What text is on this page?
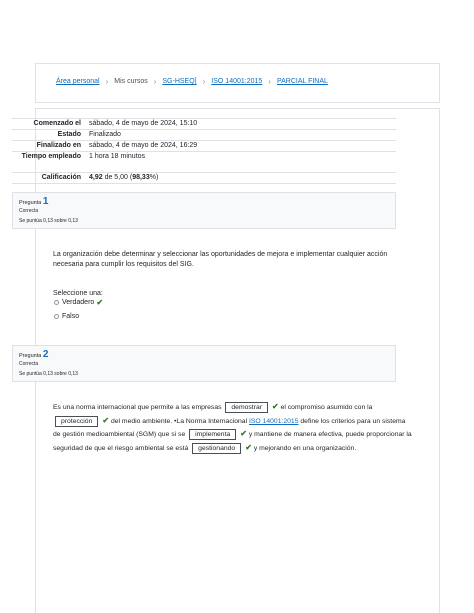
Área personal › Mis cursos › SG-HSEQ] › ISO 14001:2015 › PARCIAL FINAL
Comenzado el	sábado, 4 de mayo de 2024, 15:10
Estado	Finalizado
Finalizado en	sábado, 4 de mayo de 2024, 16:29
Tiempo empleado	1 hora 18 minutos
Calificación	4,92 de 5,00 (98,33%)
Pregunta 1
Correcta
Se puntúa 0,13 sobre 0,13
La organización debe determinar y seleccionar las oportunidades de mejora e implementar cualquier acción necesaria para cumplir los requisitos del SIG.
Seleccione una:
Verdadero ✔
Falso
Pregunta 2
Correcta
Se puntúa 0,13 sobre 0,13
Es una norma internacional que permite a las empresas demostrar ✔ el compromiso asumido con la protección ✔ del medio ambiente. •La Norma Internacional ISO 14001:2015 define los criterios para un sistema de gestión medioambiental (SGM) que si se implementa ✔ y mantiene de manera efectiva, puede proporcionar la seguridad de que el riesgo ambiental se está gestionando ✔ y mejorando en una organización.
